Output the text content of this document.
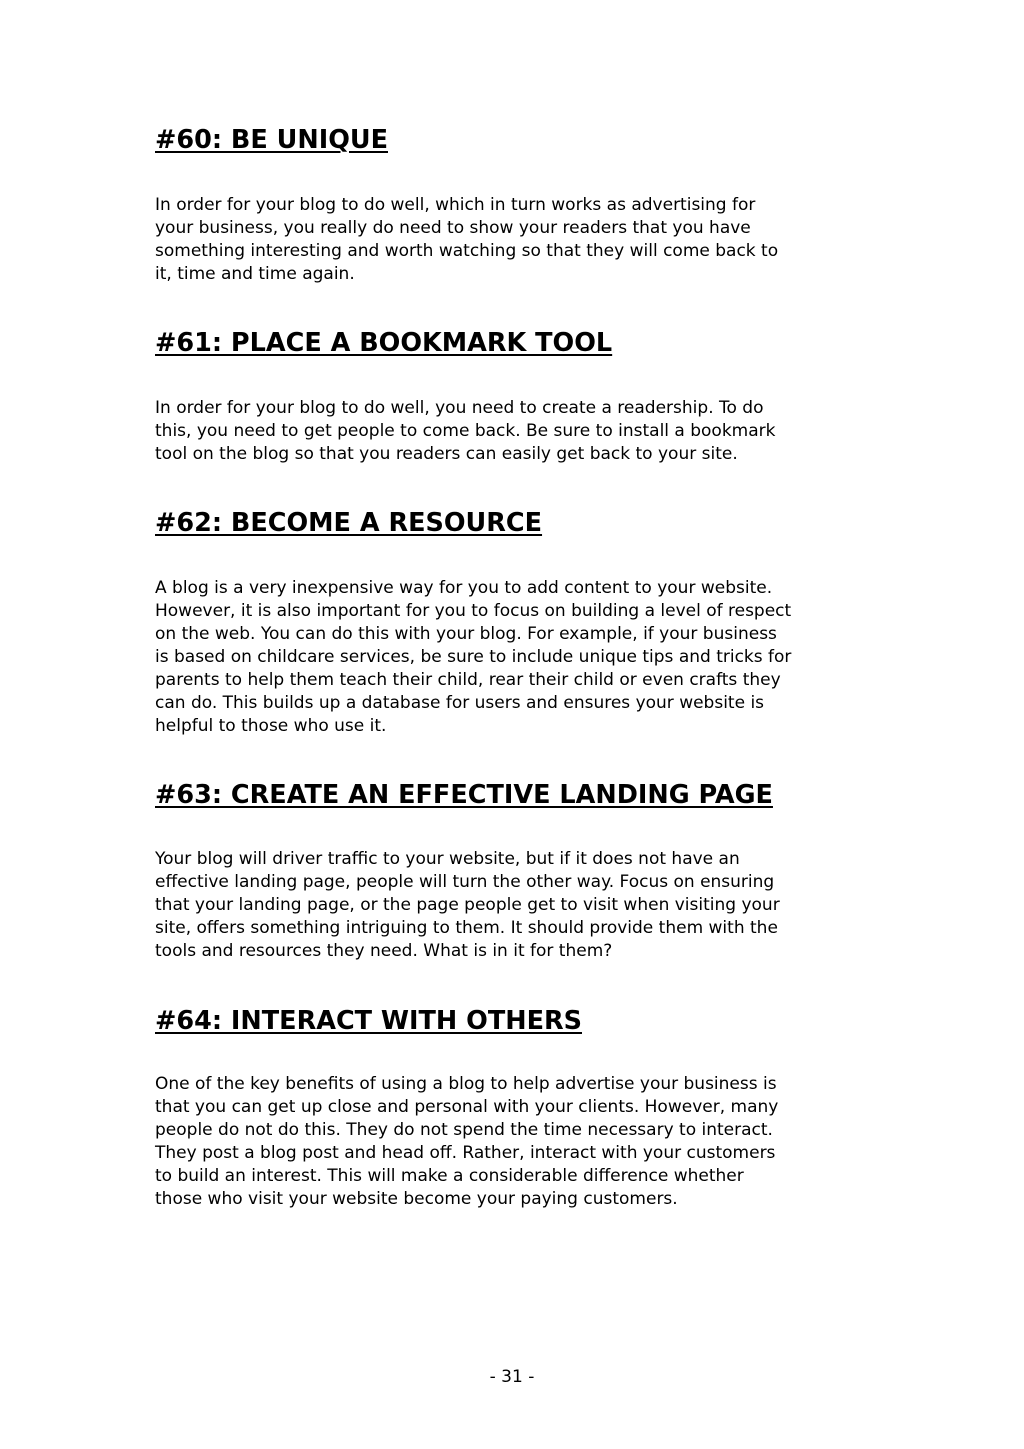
#60: BE UNIQUE

In order for your blog to do well, which in turn works as advertising for
your business, you really do need to show your readers that you have
something interesting and worth watching so that they will come back to
it, time and time again.

#61: PLACE A BOOKMARK TOOL

In order for your blog to do well, you need to create a readership. To do
this, you need to get people to come back. Be sure to install a bookmark
tool on the blog so that you readers can easily get back to your site.

#62: BECOME A RESOURCE

A blog is a very inexpensive way for you to add content to your website.
However, it is also important for you to focus on building a level of respect
on the web. You can do this with your blog. For example, if your business
is based on childcare services, be sure to include unique tips and tricks for
parents to help them teach their child, rear their child or even crafts they
can do. This builds up a database for users and ensures your website is
helpful to those who use it.

#63: CREATE AN EFFECTIVE LANDING PAGE

Your blog will driver traffic to your website, but if it does not have an
effective landing page, people will turn the other way. Focus on ensuring
that your landing page, or the page people get to visit when visiting your
site, offers something intriguing to them. It should provide them with the
tools and resources they need. What is in it for them?

#64: INTERACT WITH OTHERS

One of the key benefits of using a blog to help advertise your business is
that you can get up close and personal with your clients. However, many
people do not do this. They do not spend the time necessary to interact.
They post a blog post and head off. Rather, interact with your customers
to build an interest. This will make a considerable difference whether
those who visit your website become your paying customers.

- 31 -
